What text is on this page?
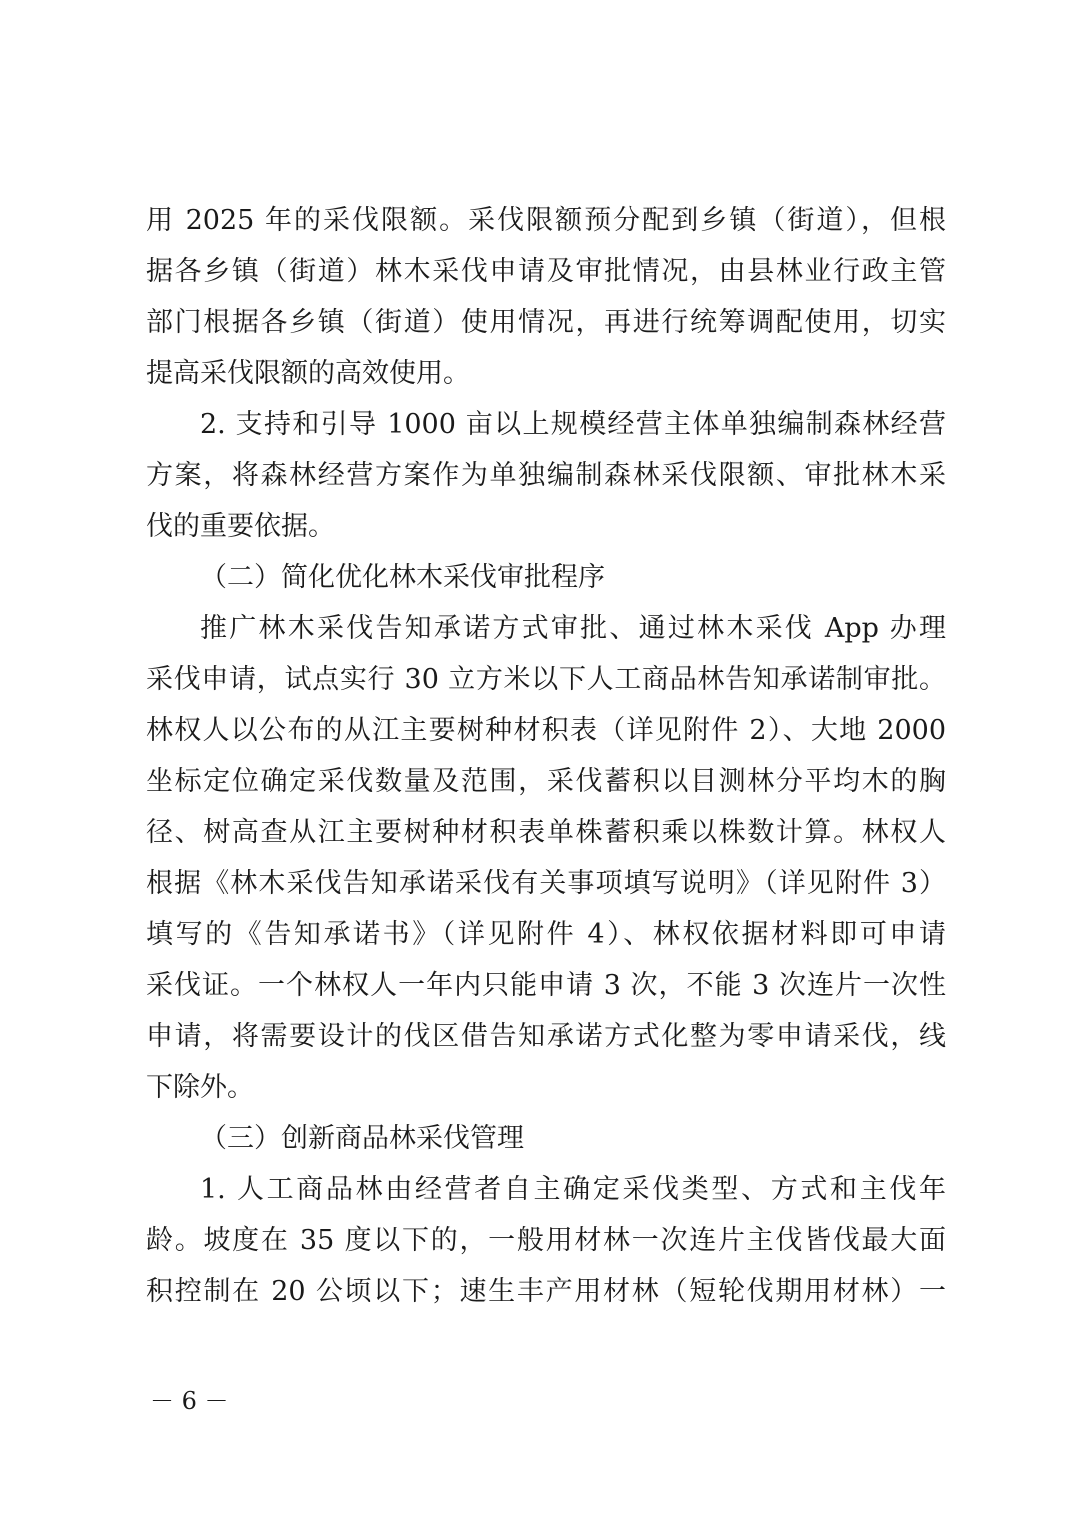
用 2025 年的采伐限额。采伐限额预分配到乡镇（街道），但根
据各乡镇（街道）林木采伐申请及审批情况，由县林业行政主管
部门根据各乡镇（街道）使用情况，再进行统筹调配使用，切实
提高采伐限额的高效使用。
2. 支持和引导 1000 亩以上规模经营主体单独编制森林经营
方案，将森林经营方案作为单独编制森林采伐限额、审批林木采
伐的重要依据。
（二）简化优化林木采伐审批程序
推广林木采伐告知承诺方式审批、通过林木采伐 App 办理
采伐申请，试点实行 30 立方米以下人工商品林告知承诺制审批。
林权人以公布的从江主要树种材积表（详见附件 2）、大地 2000
坐标定位确定采伐数量及范围，采伐蓄积以目测林分平均木的胸
径、树高查从江主要树种材积表单株蓄积乘以株数计算。林权人
根据《林木采伐告知承诺采伐有关事项填写说明》（详见附件 3）
填写的《告知承诺书》（详见附件 4）、林权依据材料即可申请
采伐证。一个林权人一年内只能申请 3 次，不能 3 次连片一次性
申请，将需要设计的伐区借告知承诺方式化整为零申请采伐，线
下除外。
（三）创新商品林采伐管理
1. 人工商品林由经营者自主确定采伐类型、方式和主伐年
龄。坡度在 35 度以下的，一般用材林一次连片主伐皆伐最大面
积控制在 20 公顷以下；速生丰产用材林（短轮伐期用材林）一
－ 6 －
